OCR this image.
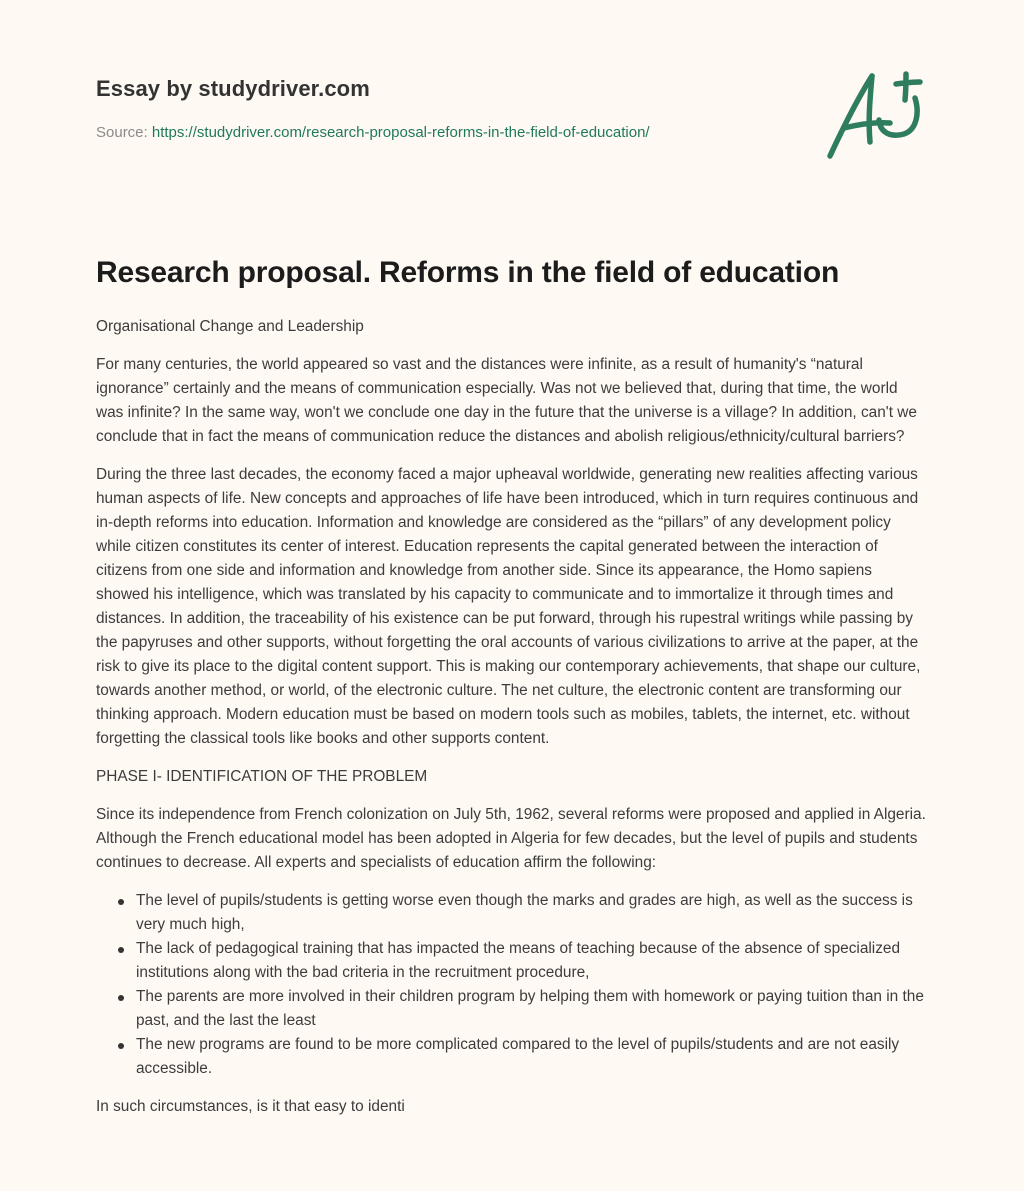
Essay by studydriver.com
Source: https://studydriver.com/research-proposal-reforms-in-the-field-of-education/
Research proposal. Reforms in the field of education

Organisational Change and Leadership

For many centuries, the world appeared so vast and the distances were infinite, as a result of humanity's “natural ignorance” certainly and the means of communication especially. Was not we believed that, during that time, the world was infinite? In the same way, won't we conclude one day in the future that the universe is a village? In addition, can't we conclude that in fact the means of communication reduce the distances and abolish religious/ethnicity/cultural barriers?

During the three last decades, the economy faced a major upheaval worldwide, generating new realities affecting various human aspects of life. New concepts and approaches of life have been introduced, which in turn requires continuous and in-depth reforms into education. Information and knowledge are considered as the “pillars” of any development policy while citizen constitutes its center of interest. Education represents the capital generated between the interaction of citizens from one side and information and knowledge from another side. Since its appearance, the Homo sapiens showed his intelligence, which was translated by his capacity to communicate and to immortalize it through times and distances. In addition, the traceability of his existence can be put forward, through his rupestral writings while passing by the papyruses and other supports, without forgetting the oral accounts of various civilizations to arrive at the paper, at the risk to give its place to the digital content support. This is making our contemporary achievements, that shape our culture, towards another method, or world, of the electronic culture. The net culture, the electronic content are transforming our thinking approach. Modern education must be based on modern tools such as mobiles, tablets, the internet, etc. without forgetting the classical tools like books and other supports content.

PHASE I- IDENTIFICATION OF THE PROBLEM

Since its independence from French colonization on July 5th, 1962, several reforms were proposed and applied in Algeria. Although the French educational model has been adopted in Algeria for few decades, but the level of pupils and students continues to decrease. All experts and specialists of education affirm the following:

The level of pupils/students is getting worse even though the marks and grades are high, as well as the success is very much high,
The lack of pedagogical training that has impacted the means of teaching because of the absence of specialized institutions along with the bad criteria in the recruitment procedure,
The parents are more involved in their children program by helping them with homework or paying tuition than in the past, and the last the least
The new programs are found to be more complicated compared to the level of pupils/students and are not easily accessible.

In such circumstances, is it that easy to identi
